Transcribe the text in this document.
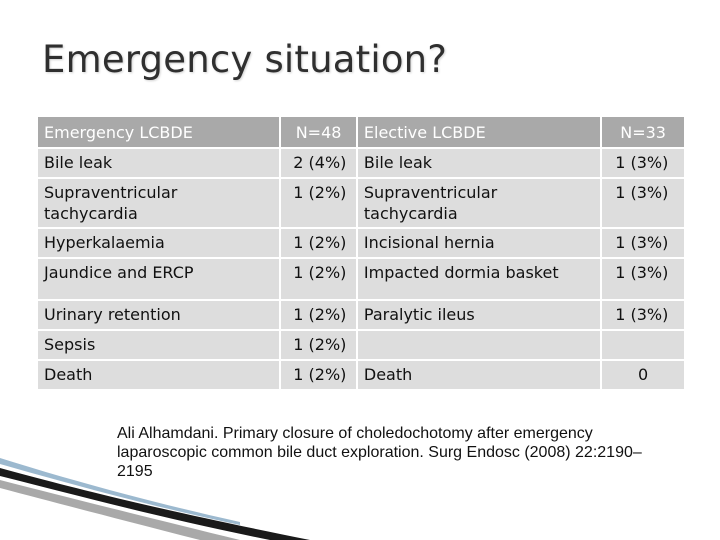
Emergency situation?
Emergency LCBDE	N=48	Elective LCBDE	N=33
Bile leak	2 (4%)	Bile leak	1 (3%)
Supraventricular tachycardia	1 (2%)	Supraventricular tachycardia	1 (3%)
Hyperkalaemia	1 (2%)	Incisional hernia	1 (3%)
Jaundice and ERCP	1 (2%)	Impacted dormia basket	1 (3%)
Urinary retention	1 (2%)	Paralytic ileus	1 (3%)
Sepsis	1 (2%)		
Death	1 (2%)	Death	0
Ali Alhamdani. Primary closure of choledochotomy after emergency laparoscopic common bile duct exploration. Surg Endosc (2008) 22:2190–2195
